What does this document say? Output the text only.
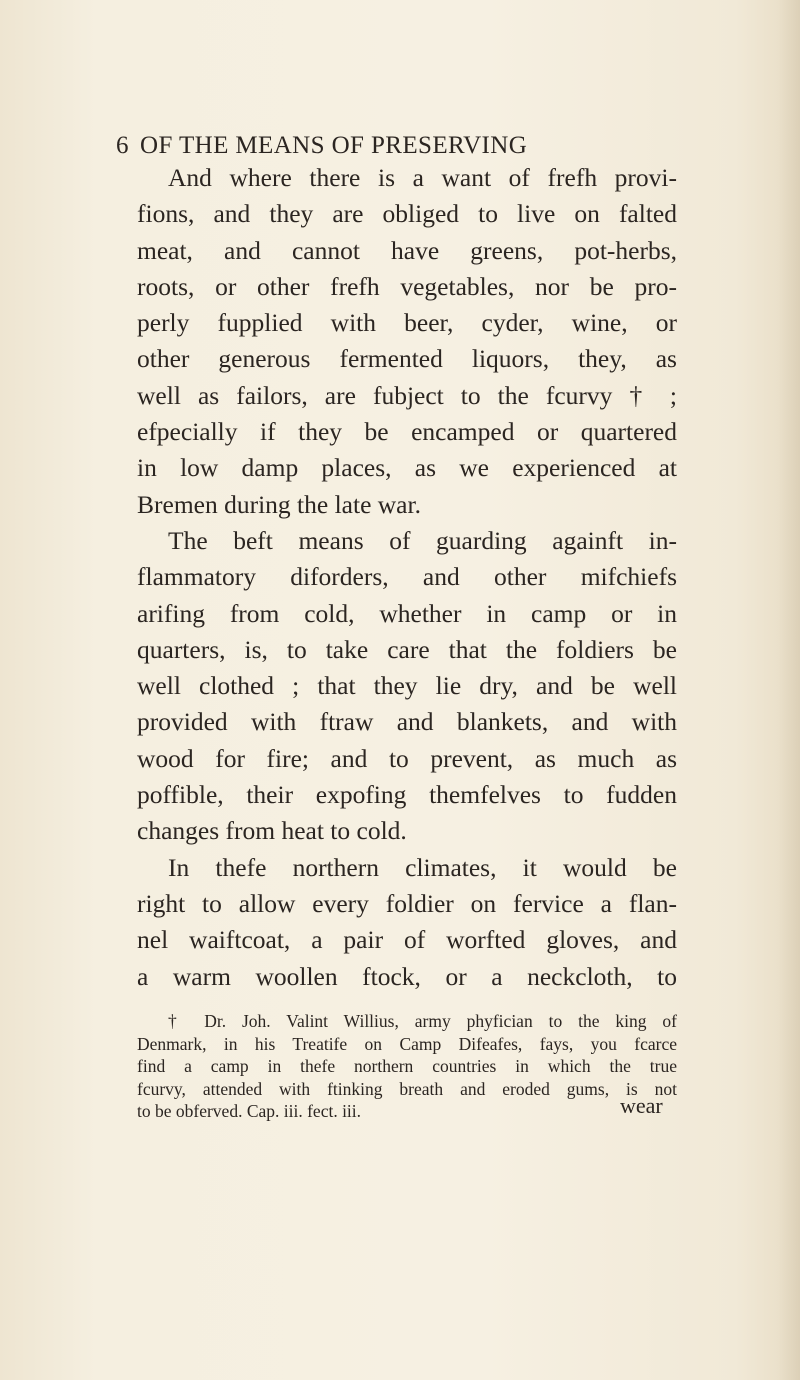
6 OF THE MEANS OF PRESERVING
And where there is a want of frefh provi-
fions, and they are obliged to live on falted
meat, and cannot have greens, pot-herbs,
roots, or other frefh vegetables, nor be pro-
perly fupplied with beer, cyder, wine, or
other generous fermented liquors, they, as
well as failors, are fubject to the fcurvy † ;
efpecially if they be encamped or quartered
in low damp places, as we experienced at
Bremen during the late war.
The beft means of guarding againft in-
flammatory diforders, and other mifchiefs
arifing from cold, whether in camp or in
quarters, is, to take care that the foldiers be
well clothed ; that they lie dry, and be well
provided with ftraw and blankets, and with
wood for fire; and to prevent, as much as
poffible, their expofing themfelves to fudden
changes from heat to cold.
In thefe northern climates, it would be
right to allow every foldier on fervice a flan-
nel waiftcoat, a pair of worfted gloves, and
a warm woollen ftock, or a neckcloth, to
† Dr. Joh. Valint Willius, army phyfician to the king of
Denmark, in his Treatife on Camp Difeafes, fays, you fcarce
find a camp in thefe northern countries in which the true
fcurvy, attended with ftinking breath and eroded gums, is not
to be obferved. Cap. iii. fect. iii.	wear
